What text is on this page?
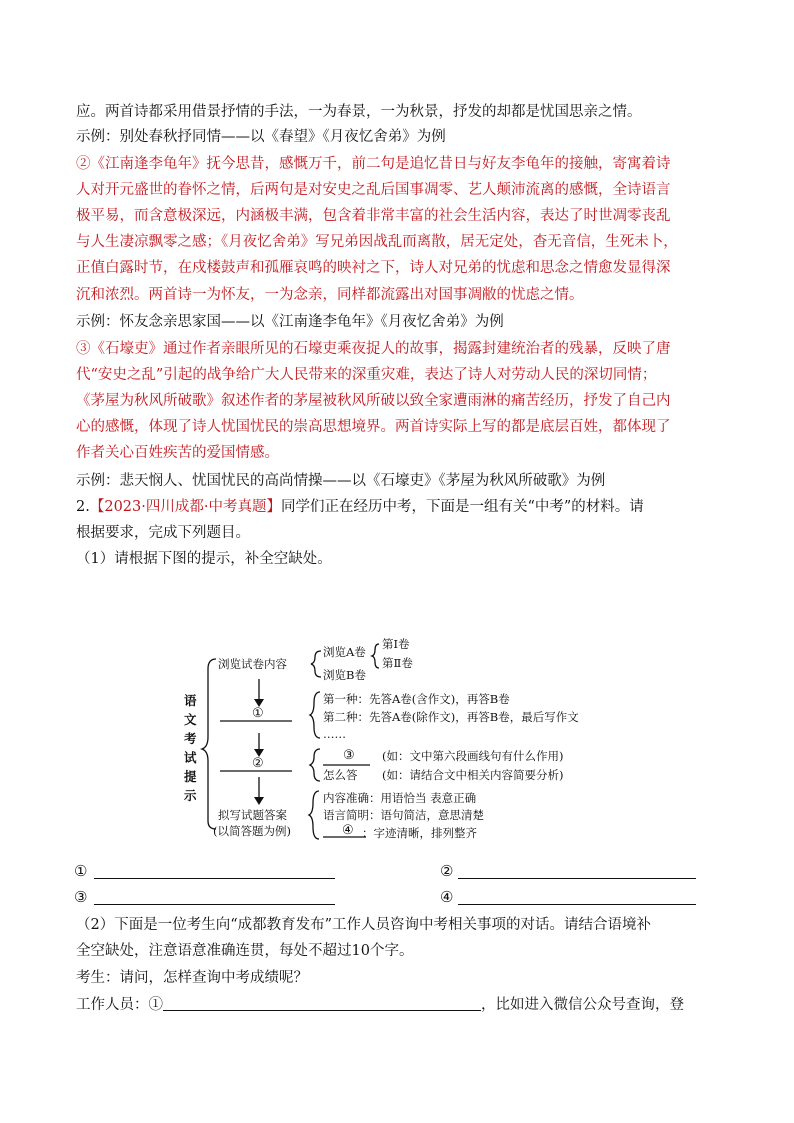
应。两首诗都采用借景抒情的手法，一为春景，一为秋景，抒发的却都是忧国思亲之情。
示例：别处春秋抒同情——以《春望》《月夜忆舍弟》为例
②《江南逢李龟年》抚今思昔，感慨万千，前二句是追忆昔日与好友李龟年的接触，寄寓着诗
人对开元盛世的眷怀之情，后两句是对安史之乱后国事凋零、艺人颠沛流离的感慨，全诗语言
极平易，而含意极深远，内涵极丰满，包含着非常丰富的社会生活内容，表达了时世凋零丧乱
与人生凄凉飘零之感；《月夜忆舍弟》写兄弟因战乱而离散，居无定处，杳无音信，生死未卜，
正值白露时节，在戍楼鼓声和孤雁哀鸣的映衬之下，诗人对兄弟的忧虑和思念之情愈发显得深
沉和浓烈。两首诗一为怀友，一为念亲，同样都流露出对国事凋敝的忧虑之情。
示例：怀友念亲思家国——以《江南逢李龟年》《月夜忆舍弟》为例
③《石壕吏》通过作者亲眼所见的石壕吏乘夜捉人的故事，揭露封建统治者的残暴，反映了唐
代“安史之乱”引起的战争给广大人民带来的深重灾难，表达了诗人对劳动人民的深切同情；
《茅屋为秋风所破歌》叙述作者的茅屋被秋风所破以致全家遭雨淋的痛苦经历，抒发了自己内
心的感慨，体现了诗人忧国忧民的崇高思想境界。两首诗实际上写的都是底层百姓，都体现了
作者关心百姓疾苦的爱国情感。
示例：悲天悯人、忧国忧民的高尚情操——以《石壕吏》《茅屋为秋风所破歌》为例
2.【2023·四川成都·中考真题】同学们正在经历中考，下面是一组有关“中考”的材料。请
根据要求，完成下列题目。
（1）请根据下图的提示，补全空缺处。
语
文
考
试
提
示
浏览试卷内容
浏览A卷
浏览B卷
第Ⅰ卷
第Ⅱ卷
①
②
第一种：先答A卷(含作文)，再答B卷
第二种：先答A卷(除作文)，再答B卷，最后写作文
……
③ (如：文中第六段画线句有什么作用)
怎么答 (如：请结合文中相关内容简要分析)
拟写试题答案
(以简答题为例)
内容准确：用语恰当 表意正确
语言简明：语句简洁，意思清楚
④ ：字迹清晰，排列整齐
①	②
③	④
（2）下面是一位考生向“成都教育发布”工作人员咨询中考相关事项的对话。请结合语境补
全空缺处，注意语意准确连贯，每处不超过10个字。
考生：请问，怎样查询中考成绩呢？
工作人员：①	，比如进入微信公众号查询，登
